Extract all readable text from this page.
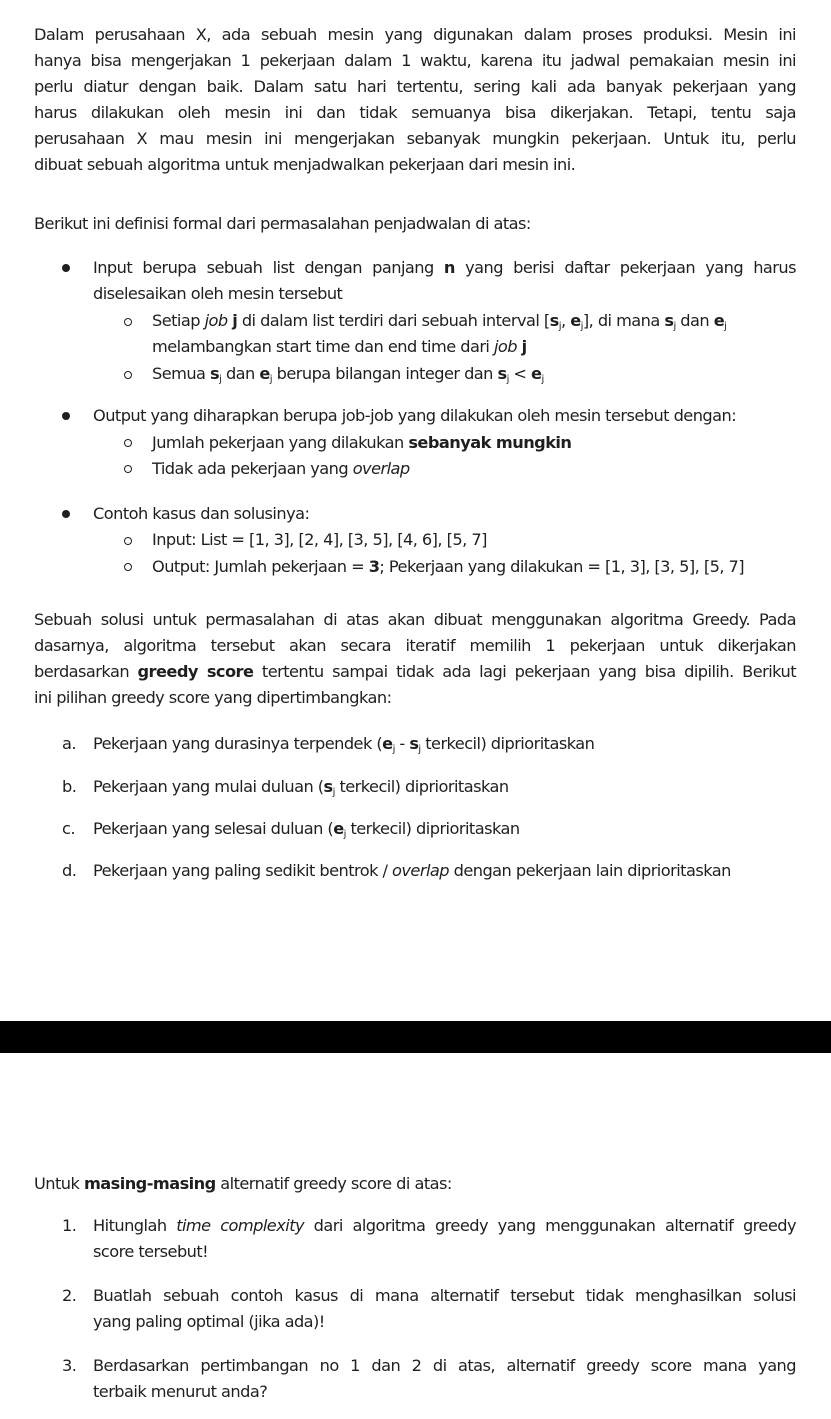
Dalam perusahaan X, ada sebuah mesin yang digunakan dalam proses produksi. Mesin ini
hanya bisa mengerjakan 1 pekerjaan dalam 1 waktu, karena itu jadwal pemakaian mesin ini
perlu diatur dengan baik. Dalam satu hari tertentu, sering kali ada banyak pekerjaan yang
harus dilakukan oleh mesin ini dan tidak semuanya bisa dikerjakan. Tetapi, tentu saja
perusahaan X mau mesin ini mengerjakan sebanyak mungkin pekerjaan. Untuk itu, perlu
dibuat sebuah algoritma untuk menjadwalkan pekerjaan dari mesin ini.
Berikut ini definisi formal dari permasalahan penjadwalan di atas:
Input berupa sebuah list dengan panjang n yang berisi daftar pekerjaan yang harus
diselesaikan oleh mesin tersebut
Setiap job j di dalam list terdiri dari sebuah interval [$s_j$, $e_j$], di mana $s_j$ dan $e_j$
melambangkan start time dan end time dari job j
Semua $s_j$ dan $e_j$ berupa bilangan integer dan $s_j < e_j$
Output yang diharapkan berupa job-job yang dilakukan oleh mesin tersebut dengan:
Jumlah pekerjaan yang dilakukan sebanyak mungkin
Tidak ada pekerjaan yang overlap
Contoh kasus dan solusinya:
Input: List = [1, 3], [2, 4], [3, 5], [4, 6], [5, 7]
Output: Jumlah pekerjaan = 3; Pekerjaan yang dilakukan = [1, 3], [3, 5], [5, 7]
Sebuah solusi untuk permasalahan di atas akan dibuat menggunakan algoritma Greedy. Pada
dasarnya, algoritma tersebut akan secara iteratif memilih 1 pekerjaan untuk dikerjakan
berdasarkan greedy score tertentu sampai tidak ada lagi pekerjaan yang bisa dipilih. Berikut
ini pilihan greedy score yang dipertimbangkan:
a. Pekerjaan yang durasinya terpendek ($e_j - s_j$ terkecil) diprioritaskan
b. Pekerjaan yang mulai duluan ($s_j$ terkecil) diprioritaskan
c. Pekerjaan yang selesai duluan ($e_j$ terkecil) diprioritaskan
d. Pekerjaan yang paling sedikit bentrok / overlap dengan pekerjaan lain diprioritaskan
Untuk masing-masing alternatif greedy score di atas:
1. Hitunglah time complexity dari algoritma greedy yang menggunakan alternatif greedy
score tersebut!
2. Buatlah sebuah contoh kasus di mana alternatif tersebut tidak menghasilkan solusi
yang paling optimal (jika ada)!
3. Berdasarkan pertimbangan no 1 dan 2 di atas, alternatif greedy score mana yang
terbaik menurut anda?
